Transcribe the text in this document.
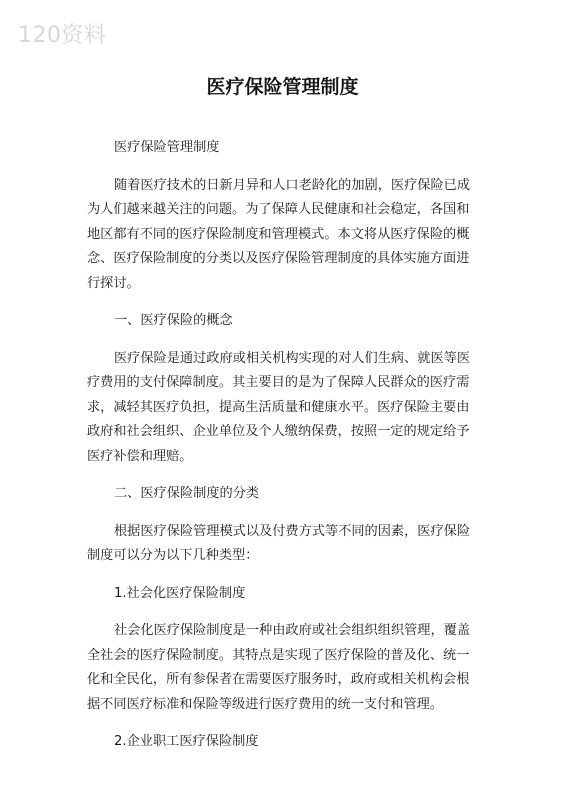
120资料
医疗保险管理制度
医疗保险管理制度
随着医疗技术的日新月异和人口老龄化的加剧，医疗保险已成
为人们越来越关注的问题。为了保障人民健康和社会稳定，各国和
地区都有不同的医疗保险制度和管理模式。本文将从医疗保险的概
念、医疗保险制度的分类以及医疗保险管理制度的具体实施方面进
行探讨。
一、医疗保险的概念
医疗保险是通过政府或相关机构实现的对人们生病、就医等医
疗费用的支付保障制度。其主要目的是为了保障人民群众的医疗需
求，减轻其医疗负担，提高生活质量和健康水平。医疗保险主要由
政府和社会组织、企业单位及个人缴纳保费，按照一定的规定给予
医疗补偿和理赔。
二、医疗保险制度的分类
根据医疗保险管理模式以及付费方式等不同的因素，医疗保险
制度可以分为以下几种类型：
1.社会化医疗保险制度
社会化医疗保险制度是一种由政府或社会组织组织管理，覆盖
全社会的医疗保险制度。其特点是实现了医疗保险的普及化、统一
化和全民化，所有参保者在需要医疗服务时，政府或相关机构会根
据不同医疗标准和保险等级进行医疗费用的统一支付和管理。
2.企业职工医疗保险制度
